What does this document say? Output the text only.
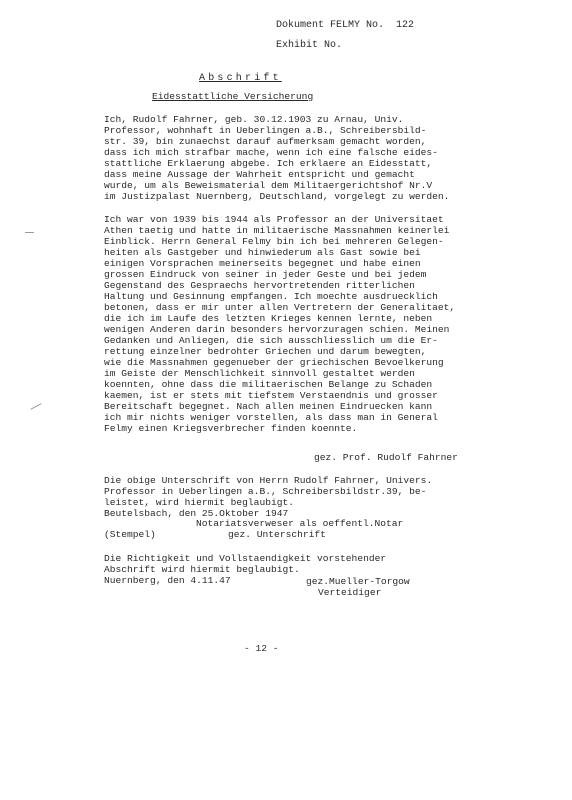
Dokument FELMY No.  122
Exhibit No.
Abschrift
Eidesstattliche Versicherung
Ich, Rudolf Fahrner, geb. 30.12.1903 zu Arnau, Univ.
Professor, wohnhaft in Ueberlingen a.B., Schreibersbild-
str. 39, bin zunaechst darauf aufmerksam gemacht worden,
dass ich mich strafbar mache, wenn ich eine falsche eides-
stattliche Erklaerung abgebe. Ich erklaere an Eidesstatt,
dass meine Aussage der Wahrheit entspricht und gemacht
wurde, um als Beweismaterial dem Militaergerichtshof Nr.V
im Justizpalast Nuernberg, Deutschland, vorgelegt zu werden.
Ich war von 1939 bis 1944 als Professor an der Universitaet
Athen taetig und hatte in militaerische Massnahmen keinerlei
Einblick. Herrn General Felmy bin ich bei mehreren Gelegen-
heiten als Gastgeber und hinwiederum als Gast sowie bei
einigen Vorsprachen meinerseits begegnet und habe einen
grossen Eindruck von seiner in jeder Geste und bei jedem
Gegenstand des Gespraechs hervortretenden ritterlichen
Haltung und Gesinnung empfangen. Ich moechte ausdruecklich
betonen, dass er mir unter allen Vertretern der Generalitaet,
die ich im Laufe des letzten Krieges kennen lernte, neben
wenigen Anderen darin besonders hervorzuragen schien. Meinen
Gedanken und Anliegen, die sich ausschliesslich um die Er-
rettung einzelner bedrohter Griechen und darum bewegten,
wie die Massnahmen gegenueber der griechischen Bevoelkerung
im Geiste der Menschlichkeit sinnvoll gestaltet werden
koennten, ohne dass die militaerischen Belange zu Schaden
kaemen, ist er stets mit tiefstem Verstaendnis und grosser
Bereitschaft begegnet. Nach allen meinen Eindruecken kann
ich mir nichts weniger vorstellen, als dass man in General
Felmy einen Kriegsverbrecher finden koennte.
gez. Prof. Rudolf Fahrner
Die obige Unterschrift von Herrn Rudolf Fahrner, Univers.
Professor in Ueberlingen a.B., Schreibersbildstr.39, be-
leistet, wird hiermit beglaubigt.
Beutelsbach, den 25.Oktober 1947
Notariatsverweser als oeffentl.Notar
(Stempel)	gez. Unterschrift
Die Richtigkeit und Vollstaendigkeit vorstehender
Abschrift wird hiermit beglaubigt.
Nuernberg, den 4.11.47	gez.Mueller-Torgow
Verteidiger
- 12 -
